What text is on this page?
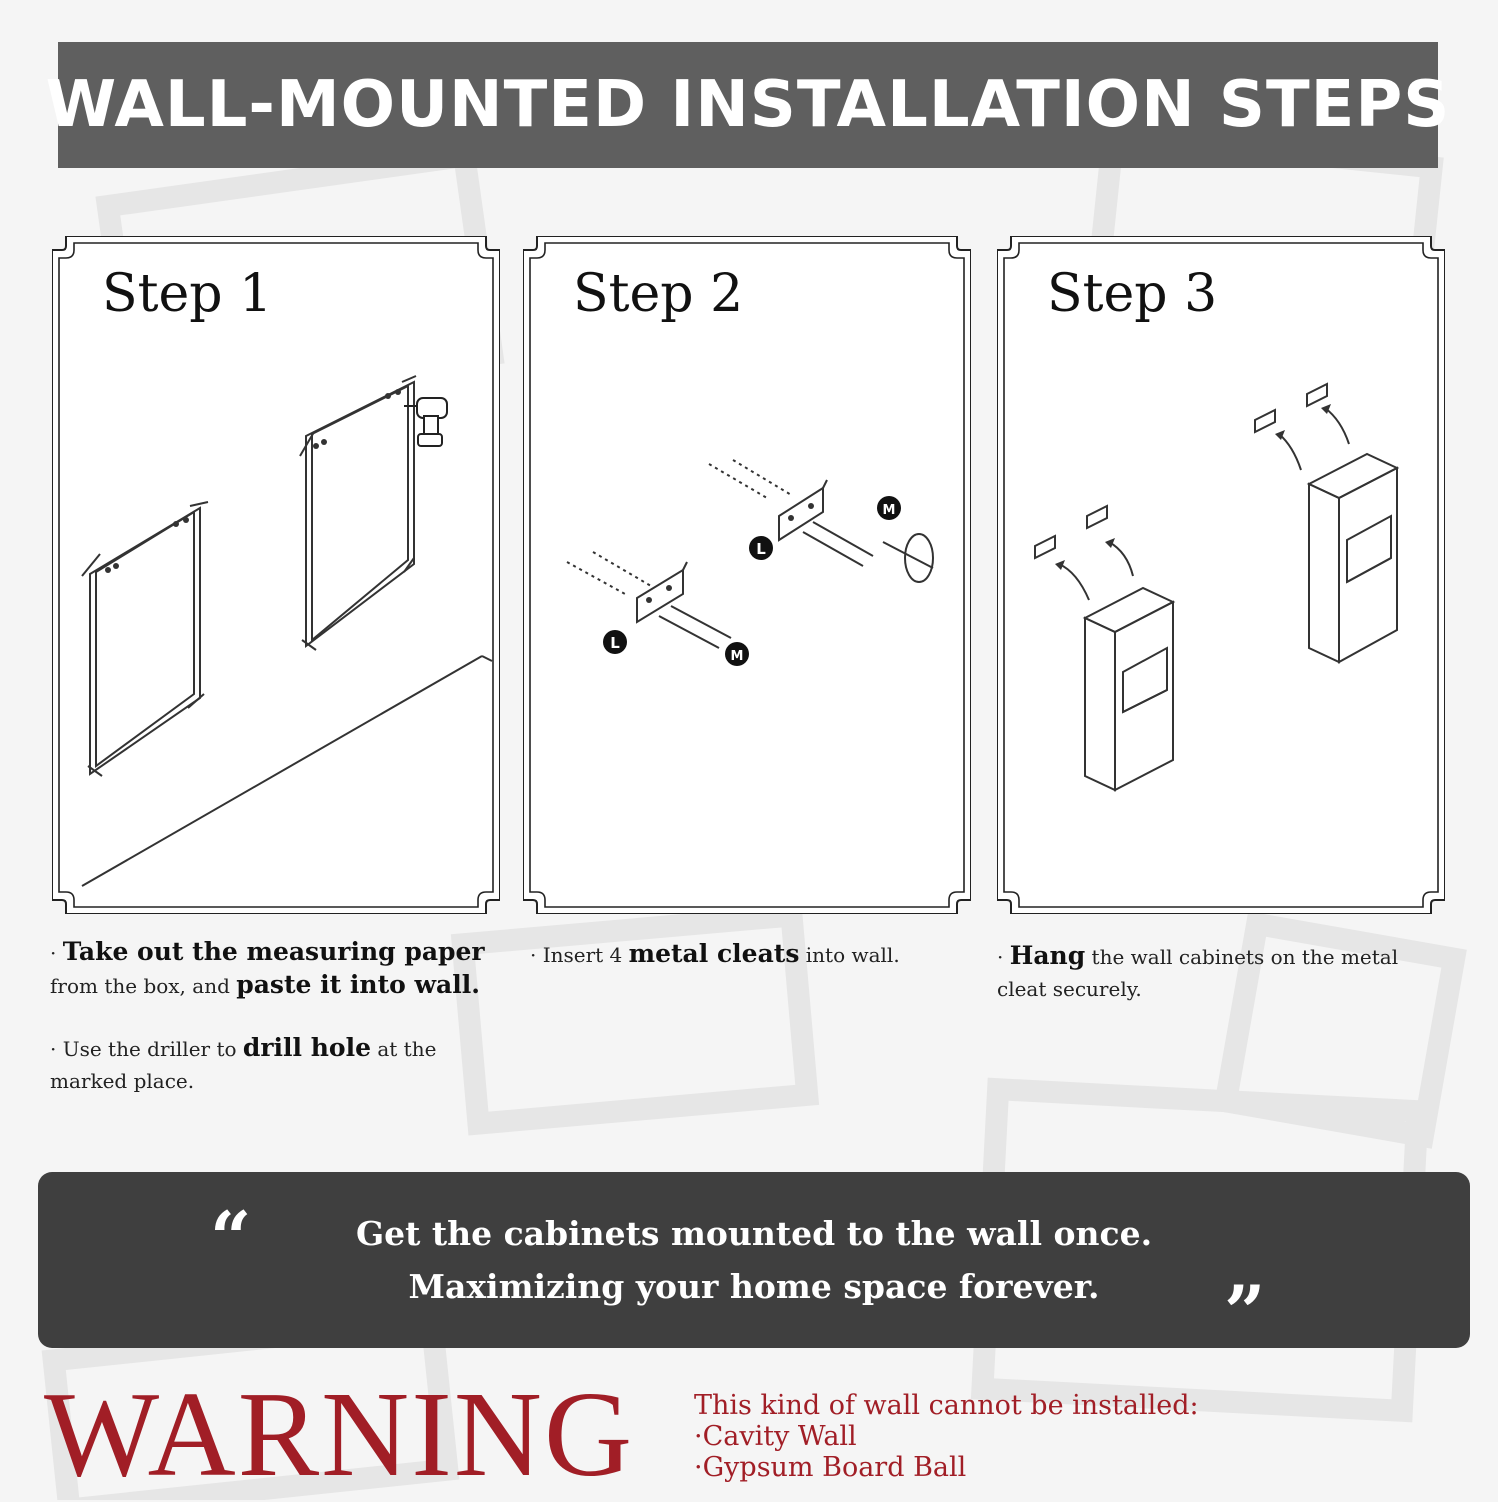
WALL-MOUNTED INSTALLATION STEPS
Step 1	Step 2
L
L
M
M
Step 3

· Take out the measuring paper from the box, and paste it into wall.

· Use the driller to drill hole at the marked place.

· Insert 4 metal cleats into wall.	· Hang the wall cabinets on the metal cleat securely.

“	Get the cabinets mounted to the wall once.
Maximizing your home space forever.	”
WARNING This kind of wall cannot be installed:
·Cavity Wall
·Gypsum Board Ball
